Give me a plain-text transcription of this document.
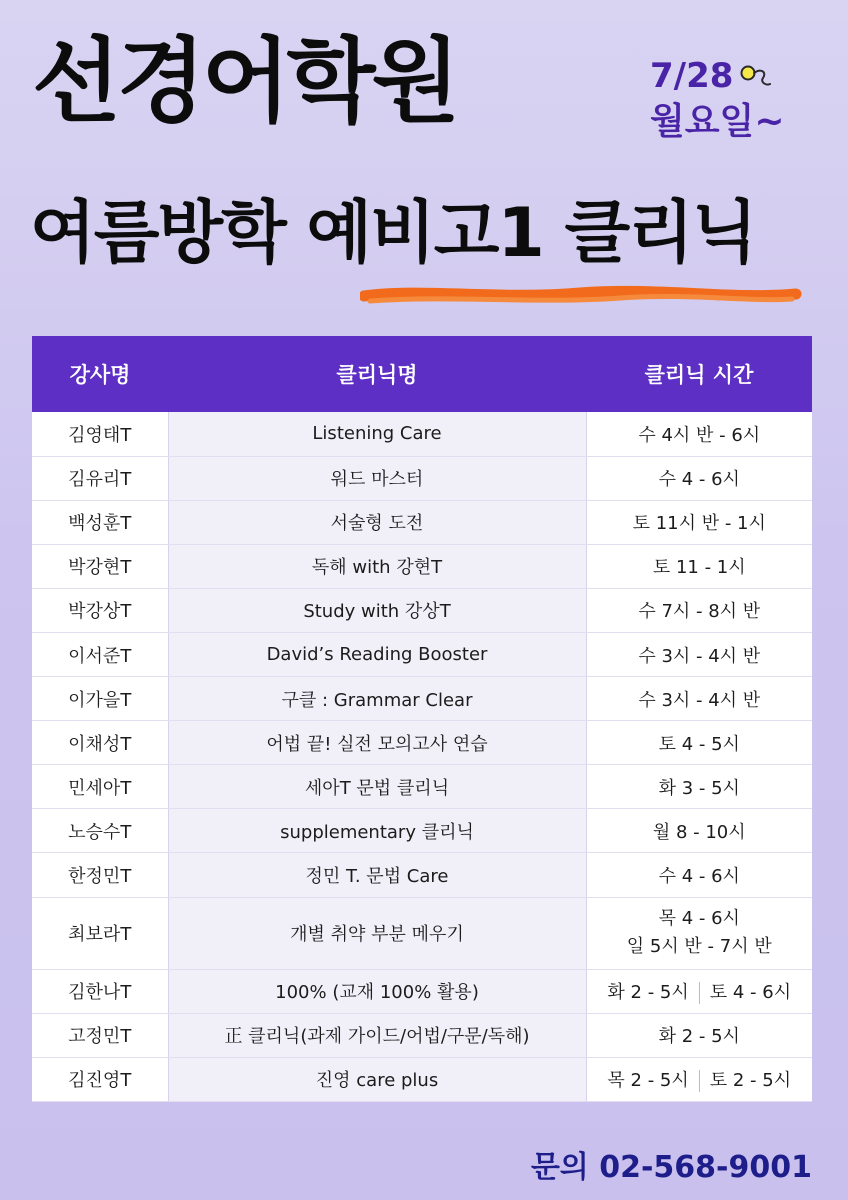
선경어학원	7/28
월요일~
여름방학 예비고1 클리닉
강사명	클리닉명	클리닉 시간
김영태T	Listening Care	수 4시 반 - 6시
김유리T	워드 마스터	수 4 - 6시
백성훈T	서술형 도전	토 11시 반 - 1시
박강현T	독해 with 강현T	토 11 - 1시
박강상T	Study with 강상T	수 7시 - 8시 반
이서준T	David’s Reading Booster	수 3시 - 4시 반
이가을T	구클 : Grammar Clear	수 3시 - 4시 반
이채성T	어법 끝! 실전 모의고사 연습	토 4 - 5시
민세아T	세아T 문법 클리닉	화 3 - 5시
노승수T	supplementary 클리닉	월 8 - 10시
한정민T	정민 T. 문법 Care	수 4 - 6시
최보라T	개별 취약 부분 메우기	목 4 - 6시
일 5시 반 - 7시 반

김한나T	100% (교재 100% 활용)	화 2 - 5시 토 4 - 6시
고정민T	正 클리닉(과제 가이드/어법/구문/독해)	화 2 - 5시
김진영T	진영 care plus	목 2 - 5시 토 2 - 5시
문의 02-568-9001
